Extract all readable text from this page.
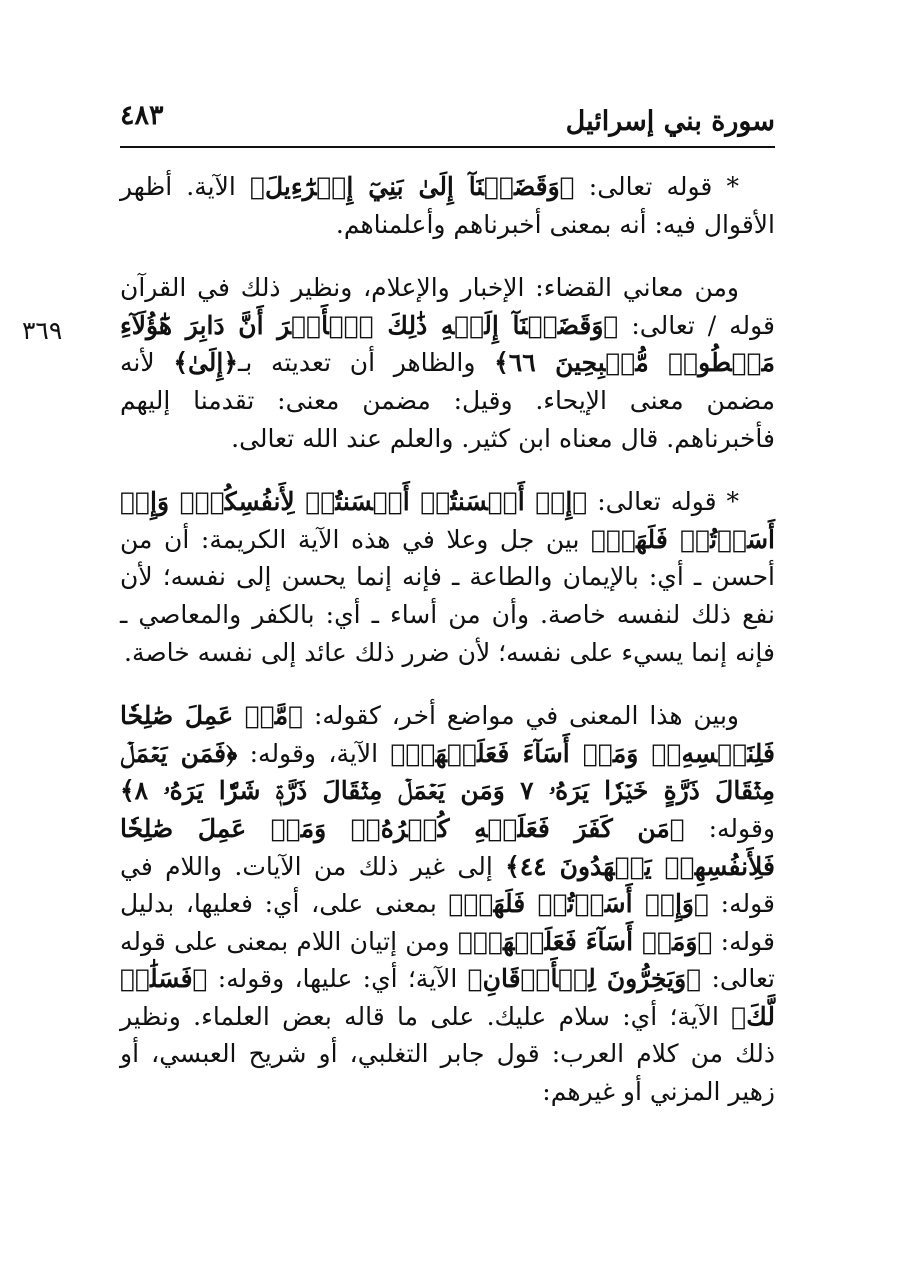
سورة بني إسرائيل
٤٨٣
٣٦٩

* قوله تعالى: ﴿وَقَضَيۡنَآ إِلَىٰ بَنِيٓ إِسۡرَٰٓءِيلَ﴾ الآية. أظهر الأقوال فيه: أنه بمعنى أخبرناهم وأعلمناهم.

ومن معاني القضاء: الإخبار والإعلام، ونظير ذلك في القرآن قوله / تعالى: ﴿وَقَضَيۡنَآ إِلَيۡهِ ذَٰلِكَ ٱلۡأَمۡرَ أَنَّ دَابِرَ هَٰٓؤُلَآءِ مَقۡطُوعٞ مُّصۡبِحِينَ ٦٦﴾ والظاهر أن تعديته بـ﴿إِلَىٰ﴾ لأنه مضمن معنى الإيحاء. وقيل: مضمن معنى: تقدمنا إليهم فأخبرناهم. قال معناه ابن كثير. والعلم عند الله تعالى.

* قوله تعالى: ﴿إِنۡ أَحۡسَنتُمۡ أَحۡسَنتُمۡ لِأَنفُسِكُمۡۖ وَإِنۡ أَسَأۡتُمۡ فَلَهَاۚ﴾ بين جل وعلا في هذه الآية الكريمة: أن من أحسن ـ أي: بالإيمان والطاعة ـ فإنه إنما يحسن إلى نفسه؛ لأن نفع ذلك لنفسه خاصة. وأن من أساء ـ أي: بالكفر والمعاصي ـ فإنه إنما يسيء على نفسه؛ لأن ضرر ذلك عائد إلى نفسه خاصة.

وبين هذا المعنى في مواضع أخر، كقوله: ﴿مَّنۡ عَمِلَ صَٰلِحٗا فَلِنَفۡسِهِۦۖ وَمَنۡ أَسَآءَ فَعَلَيۡهَاۗ﴾ الآية، وقوله: ﴿فَمَن يَعۡمَلۡ مِثۡقَالَ ذَرَّةٍ خَيۡرٗا يَرَهُۥ ٧ وَمَن يَعۡمَلۡ مِثۡقَالَ ذَرَّةٖ شَرّٗا يَرَهُۥ ٨﴾ وقوله: ﴿مَن كَفَرَ فَعَلَيۡهِ كُفۡرُهُۥۖ وَمَنۡ عَمِلَ صَٰلِحٗا فَلِأَنفُسِهِمۡ يَمۡهَدُونَ ٤٤﴾ إلى غير ذلك من الآيات. واللام في قوله: ﴿وَإِنۡ أَسَأۡتُمۡ فَلَهَاۚ﴾ بمعنى على، أي: فعليها، بدليل قوله: ﴿وَمَنۡ أَسَآءَ فَعَلَيۡهَاۗ﴾ ومن إتيان اللام بمعنى على قوله تعالى: ﴿وَيَخِرُّونَ لِلۡأَذۡقَانِ﴾ الآية؛ أي: عليها، وقوله: ﴿فَسَلَٰمٞ لَّكَ﴾ الآية؛ أي: سلام عليك. على ما قاله بعض العلماء. ونظير ذلك من كلام العرب: قول جابر التغلبي، أو شريح العبسي، أو زهير المزني أو غيرهم:
